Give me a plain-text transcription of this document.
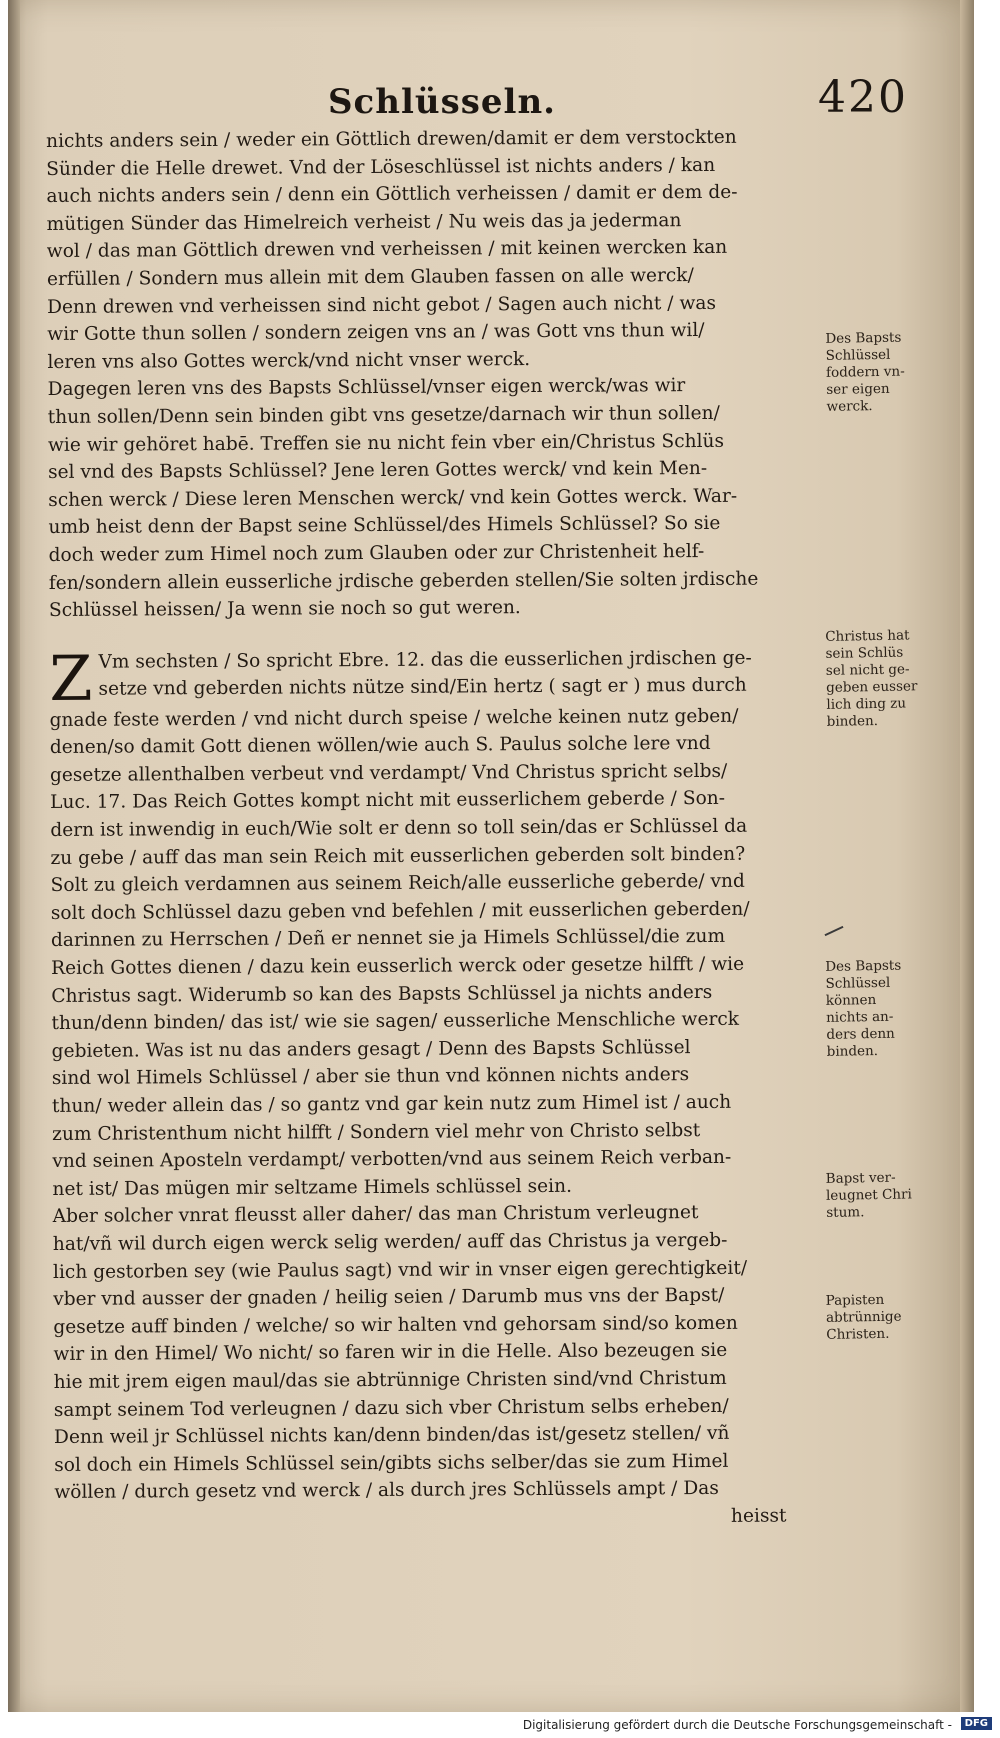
Schlüsseln.	420

nichts anders sein / weder ein Göttlich drewen/damit er dem verstockten

Sünder die Helle drewet. Vnd der Löseschlüssel ist nichts anders / kan

auch nichts anders sein / denn ein Göttlich verheissen / damit er dem de-

mütigen Sünder das Himelreich verheist / Nu weis das ja jederman

wol / das man Göttlich drewen vnd verheissen / mit keinen wercken kan

erfüllen / Sondern mus allein mit dem Glauben fassen on alle werck/

Denn drewen vnd verheissen sind nicht gebot / Sagen auch nicht / was

wir Gotte thun sollen / sondern zeigen vns an / was Gott vns thun wil/

leren vns also Gottes werck/vnd nicht vnser werck.

Dagegen leren vns des Bapsts Schlüssel/vnser eigen werck/was wir

thun sollen/Denn sein binden gibt vns gesetze/darnach wir thun sollen/

wie wir gehöret habē. Treffen sie nu nicht fein vber ein/Christus Schlüs

sel vnd des Bapsts Schlüssel? Jene leren Gottes werck/ vnd kein Men-

schen werck / Diese leren Menschen werck/ vnd kein Gottes werck. War-

umb heist denn der Bapst seine Schlüssel/des Himels Schlüssel? So sie

doch weder zum Himel noch zum Glauben oder zur Christenheit helf-

fen/sondern allein eusserliche jrdische geberden stellen/Sie solten jrdische

Schlüssel heissen/ Ja wenn sie noch so gut weren.

Z Vm sechsten / So spricht Ebre. 12. das die eusserlichen jrdischen ge-

setze vnd geberden nichts nütze sind/Ein hertz ( sagt er ) mus durch

gnade feste werden / vnd nicht durch speise / welche keinen nutz geben/

denen/so damit Gott dienen wöllen/wie auch S. Paulus solche lere vnd

gesetze allenthalben verbeut vnd verdampt/ Vnd Christus spricht selbs/

Luc. 17. Das Reich Gottes kompt nicht mit eusserlichem geberde / Son-

dern ist inwendig in euch/Wie solt er denn so toll sein/das er Schlüssel da

zu gebe / auff das man sein Reich mit eusserlichen geberden solt binden?

Solt zu gleich verdamnen aus seinem Reich/alle eusserliche geberde/ vnd

solt doch Schlüssel dazu geben vnd befehlen / mit eusserlichen geberden/

darinnen zu Herrschen / Deñ er nennet sie ja Himels Schlüssel/die zum

Reich Gottes dienen / dazu kein eusserlich werck oder gesetze hilfft / wie

Christus sagt. Widerumb so kan des Bapsts Schlüssel ja nichts anders

thun/denn binden/ das ist/ wie sie sagen/ eusserliche Menschliche werck

gebieten. Was ist nu das anders gesagt / Denn des Bapsts Schlüssel

sind wol Himels Schlüssel / aber sie thun vnd können nichts anders

thun/ weder allein das / so gantz vnd gar kein nutz zum Himel ist / auch

zum Christenthum nicht hilfft / Sondern viel mehr von Christo selbst

vnd seinen Aposteln verdampt/ verbotten/vnd aus seinem Reich verban-

net ist/ Das mügen mir seltzame Himels schlüssel sein.

Aber solcher vnrat fleusst aller daher/ das man Christum verleugnet

hat/vñ wil durch eigen werck selig werden/ auff das Christus ja vergeb-

lich gestorben sey (wie Paulus sagt) vnd wir in vnser eigen gerechtigkeit/

vber vnd ausser der gnaden / heilig seien / Darumb mus vns der Bapst/

gesetze auff binden / welche/ so wir halten vnd gehorsam sind/so komen

wir in den Himel/ Wo nicht/ so faren wir in die Helle. Also bezeugen sie

hie mit jrem eigen maul/das sie abtrünnige Christen sind/vnd Christum

sampt seinem Tod verleugnen / dazu sich vber Christum selbs erheben/

Denn weil jr Schlüssel nichts kan/denn binden/das ist/gesetz stellen/ vñ

sol doch ein Himels Schlüssel sein/gibts sichs selber/das sie zum Himel

wöllen / durch gesetz vnd werck / als durch jres Schlüssels ampt / Das

heisst

Des Bapsts
Schlüssel
foddern vn-
ser eigen
werck.
Christus hat
sein Schlüs
sel nicht ge-
geben eusser
lich ding zu
binden.
Des Bapsts
Schlüssel
können
nichts an-
ders denn
binden.
Bapst ver-
leugnet Chri
stum.
Papisten
abtrünnige
Christen.
Digitalisierung gefördert durch die Deutsche Forschungsgemeinschaft -	DFG
